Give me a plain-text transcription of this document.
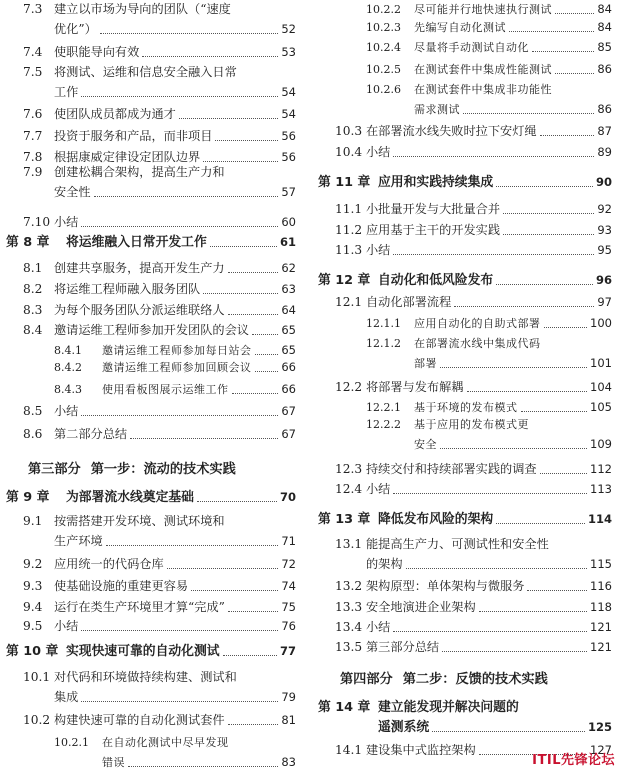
7.3 建立以市场为导向的团队（“速度
优化”）	52
7.4 使职能导向有效	53
7.5 将测试、运维和信息安全融入日常
工作	54
7.6 使团队成员都成为通才	54
7.7 投资于服务和产品，而非项目	56
7.8 根据康威定律设定团队边界	56
7.9 创建松耦合架构，提高生产力和
安全性	57
7.10 小结	60
第 8 章 将运维融入日常开发工作	61
8.1 创建共享服务，提高开发生产力	62
8.2 将运维工程师融入服务团队	63
8.3 为每个服务团队分派运维联络人	64
8.4 邀请运维工程师参加开发团队的会议	65
8.4.1 邀请运维工程师参加每日站会	65
8.4.2 邀请运维工程师参加回顾会议	66
8.4.3 使用看板图展示运维工作	66
8.5 小结	67
8.6 第二部分总结	67
第三部分 第一步：流动的技术实践
第 9 章 为部署流水线奠定基础	70
9.1 按需搭建开发环境、测试环境和
生产环境	71
9.2 应用统一的代码仓库	72
9.3 使基础设施的重建更容易	74
9.4 运行在类生产环境里才算“完成”	75
9.5 小结	76
第 10 章 实现快速可靠的自动化测试	77
10.1 对代码和环境做持续构建、测试和
集成	79
10.2 构建快速可靠的自动化测试套件	81
10.2.1 在自动化测试中尽早发现
错误	83
10.2.2 尽可能并行地快速执行测试	84
10.2.3 先编写自动化测试	84
10.2.4 尽量将手动测试自动化	85
10.2.5 在测试套件中集成性能测试	86
10.2.6 在测试套件中集成非功能性
需求测试	86
10.3 在部署流水线失败时拉下安灯绳	87
10.4 小结	89
第 11 章 应用和实践持续集成	90
11.1 小批量开发与大批量合并	92
11.2 应用基于主干的开发实践	93
11.3 小结	95
第 12 章 自动化和低风险发布	96
12.1 自动化部署流程	97
12.1.1 应用自动化的自助式部署	100
12.1.2 在部署流水线中集成代码
部署	101
12.2 将部署与发布解耦	104
12.2.1 基于环境的发布模式	105
12.2.2 基于应用的发布模式更
安全	109
12.3 持续交付和持续部署实践的调查	112
12.4 小结	113
第 13 章 降低发布风险的架构	114
13.1 能提高生产力、可测试性和安全性
的架构	115
13.2 架构原型：单体架构与微服务	116
13.3 安全地演进企业架构	118
13.4 小结	121
13.5 第三部分总结	121
第四部分 第二步：反馈的技术实践
第 14 章 建立能发现并解决问题的
遥测系统	125
14.1 建设集中式监控架构	127
ITIL先锋论坛
